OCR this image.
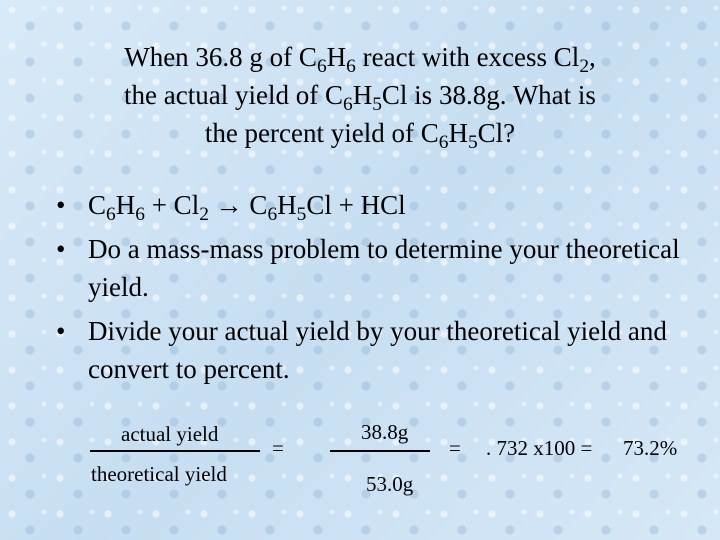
When 36.8 g of $C_6H_6$ react with excess $Cl_2$,
the actual yield of $C_6H_5Cl$ is 38.8g. What is
the percent yield of $C_6H_5Cl$?
• $C_6H_6 + Cl_2 \to C_6H_5Cl$ + HCl
• Do a mass-mass problem to determine your theoretical yield.
• Divide your actual yield by your theoretical yield and convert to percent.
actual yield
theoretical yield
=
38.8g
53.0g
= . 732 x100 = 73.2%
